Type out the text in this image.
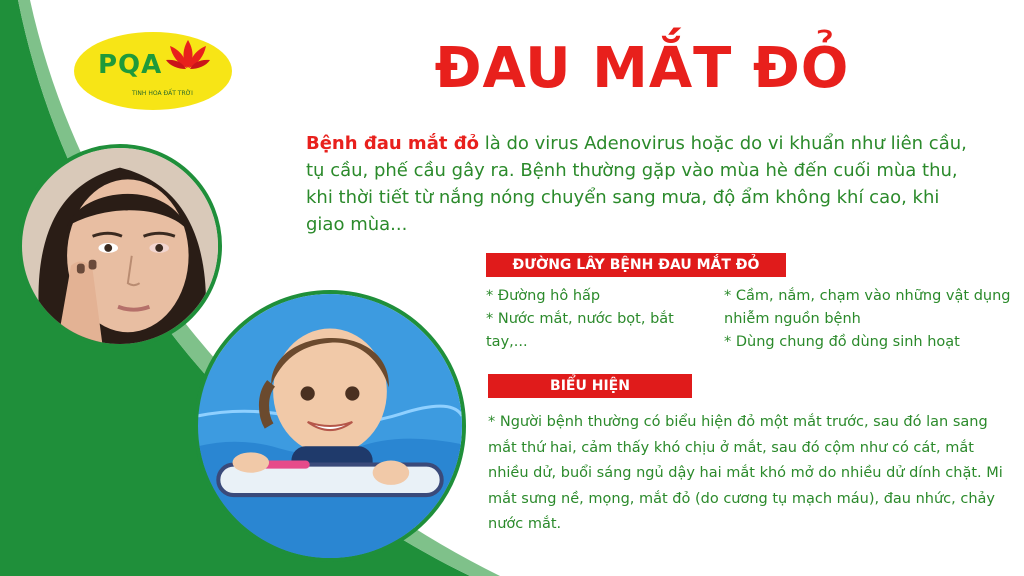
PQA
TINH HOA ĐẤT TRỜI	ĐAU MẮT ĐỎ
Bệnh đau mắt đỏ là do virus Adenovirus hoặc do vi khuẩn như liên cầu, tụ cầu, phế cầu gây ra. Bệnh thường gặp vào mùa hè đến cuối mùa thu, khi thời tiết từ nắng nóng chuyển sang mưa, độ ẩm không khí cao, khi giao mùa...
ĐƯỜNG LÂY BỆNH ĐAU MẮT ĐỎ
* Đường hô hấp
* Nước mắt, nước bọt, bắt tay,...
* Cầm, nắm, chạm vào những vật dụng nhiễm nguồn bệnh
* Dùng chung đồ dùng sinh hoạt
BIỂU HIỆN
* Người bệnh thường có biểu hiện đỏ một mắt trước, sau đó lan sang mắt thứ hai, cảm thấy khó chịu ở mắt, sau đó cộm như có cát, mắt nhiều dử, buổi sáng ngủ dậy hai mắt khó mở do nhiều dử dính chặt. Mi mắt sưng nề, mọng, mắt đỏ (do cương tụ mạch máu), đau nhức, chảy nước mắt.
